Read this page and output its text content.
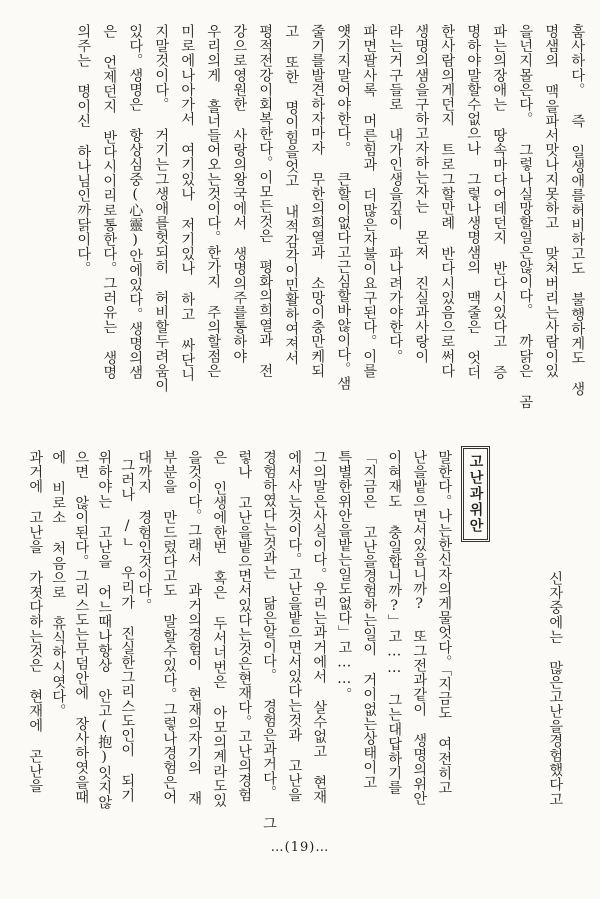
훔사하다。 즉 일생애를허비하고도 불행하게도 생
명샘의 맥을파서맛나지못하고 맞처버리는사람이있
을넌지몰은다。 그렇나실망할일은않이다。 까닭은 곰
파는의장애는 땅속마다어데던지 반다시있다고 증
명하야말할수없으나 그렇나생명샘의 맥줄은 엇더
한사람의게던지 트로그할만례 반다시있음으로써다
생명의샘을구하고자하는자는 몬저 진실과사랑이
라는거구들로 내가인생을깊이 파나려가야한다。
파면팔사록 머른힘과 더많은자불이요구된다。이를
얫기지말어야한다。 큰할이없다고근심할바않이다。샘
줄기를발견하자마자 무한의희열과 소망이충만케되
고 또한 명이힘을엇고 내적감각이민활하여져서
평적전강이회복한다。이모든것은 평화의희열과 전
강으로영원한 사랑의왕국에서 생명의주를통하야
우리의게 흘너들어오는것이다。한가지 주의할점은
미로에나아가서 여기있나 저기있나 하고 싸단니
지말것이다。 거기는그생애를헛되히 허비할두려움이
있다。생명은 항상심중(心靈)안에있다。생명의샘
은 언제던지 반다시이리로통한다。그러유는 생명
의주는 명이신 하나님인까닭이다。
고난과위안
신자중에는 많은고난을경험했다고
말한다。나는한신자의게물엇다。「지금도 여전히고
난을밭으면서있읍니까? 또그전과같이 생명의위안
이혀재도 충일합니까?」고…… 그는대답하기를
「지금은 고난을경험하는일이 거이없는상태이고
특별한위안을밭는일도없다」고……。
그의말은사실이다。우리는과거에서 살수없고 현재
에서사는것이다。고난을밭으면서있다는것과 고난을
경험하였다는것과는 닮은알이다。 경험은과거다。 그
렇나 고난을밭으면서있다는것은현재다。고난의경험
은 인생에한번 혹은 두서너번은 아모의계라도있
을것이다。그래서 과거의경험이 현재의자기의 재
부분을 만드렀다고도 말할수있다。그렇나경험은어
대까지 경험인것이다。
그러나 /ㄴ 우리가 진실한그리스도인이 되기
위하야는 고난을 어느때나항상 안고(抱)잇지않
으면 않이된다。그리스도는무덤안에 장사하엿을때
에 비로소 처음으로 휴식하시엿다。
과거에 고난을 가졋다하는것은 현재에 곤난을
…(19)…
